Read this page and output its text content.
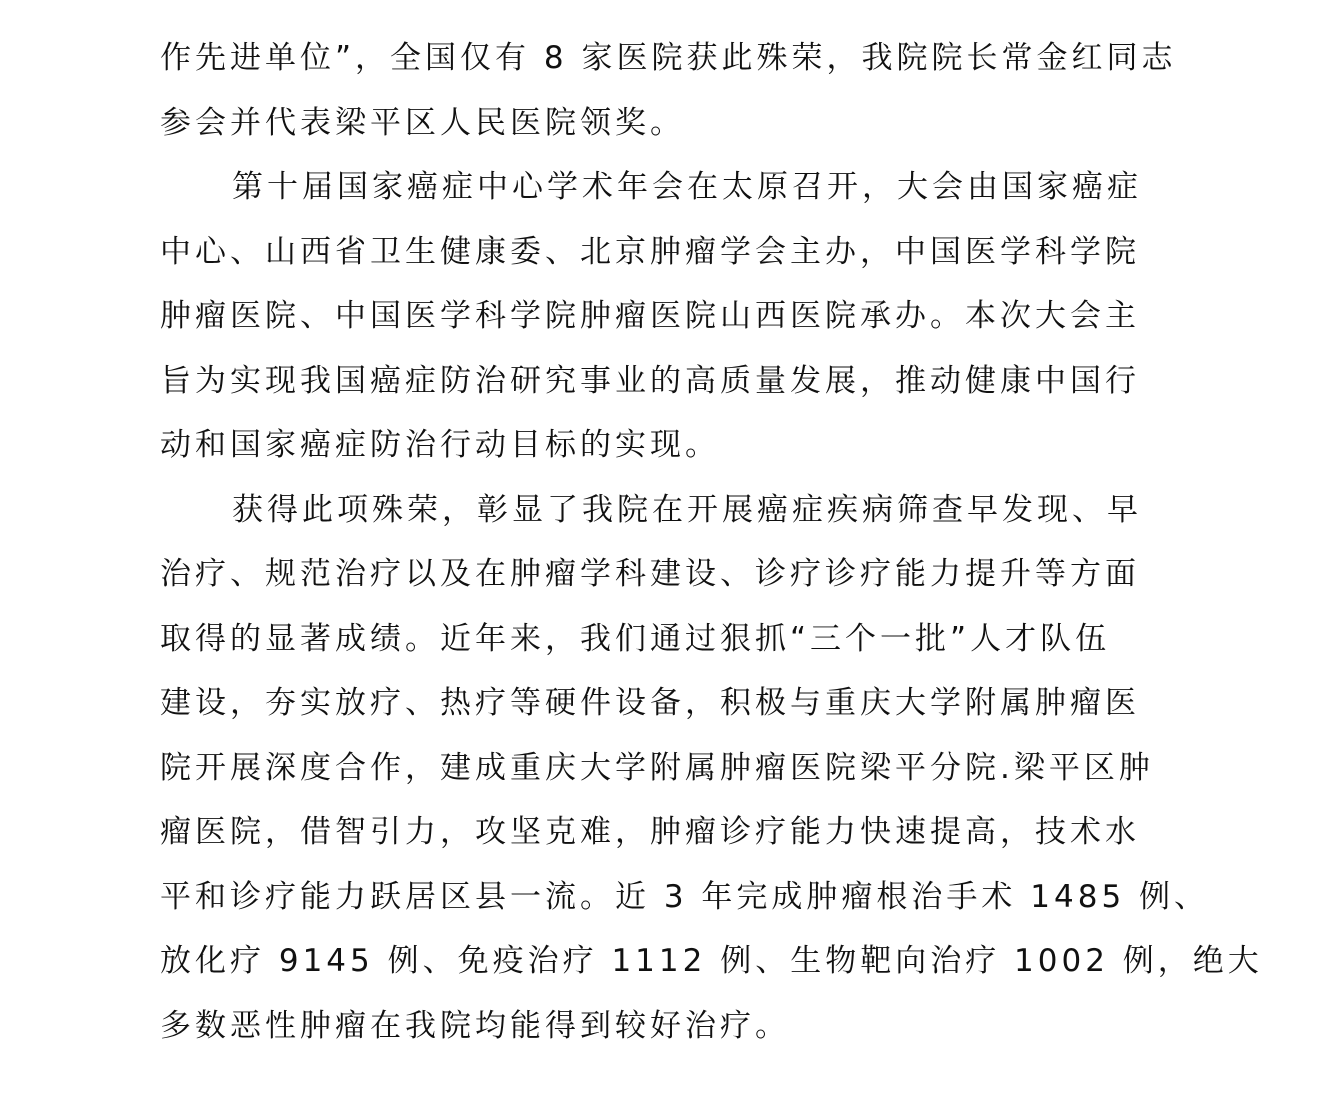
作先进单位”，全国仅有 8 家医院获此殊荣，我院院长常金红同志
参会并代表梁平区人民医院领奖。
第十届国家癌症中心学术年会在太原召开，大会由国家癌症
中心、山西省卫生健康委、北京肿瘤学会主办，中国医学科学院
肿瘤医院、中国医学科学院肿瘤医院山西医院承办。本次大会主
旨为实现我国癌症防治研究事业的高质量发展，推动健康中国行
动和国家癌症防治行动目标的实现。
获得此项殊荣，彰显了我院在开展癌症疾病筛查早发现、早
治疗、规范治疗以及在肿瘤学科建设、诊疗诊疗能力提升等方面
取得的显著成绩。近年来，我们通过狠抓“三个一批”人才队伍
建设，夯实放疗、热疗等硬件设备，积极与重庆大学附属肿瘤医
院开展深度合作，建成重庆大学附属肿瘤医院梁平分院.梁平区肿
瘤医院，借智引力，攻坚克难，肿瘤诊疗能力快速提高，技术水
平和诊疗能力跃居区县一流。近 3 年完成肿瘤根治手术 1485 例、
放化疗 9145 例、免疫治疗 1112 例、生物靶向治疗 1002 例，绝大
多数恶性肿瘤在我院均能得到较好治疗。
